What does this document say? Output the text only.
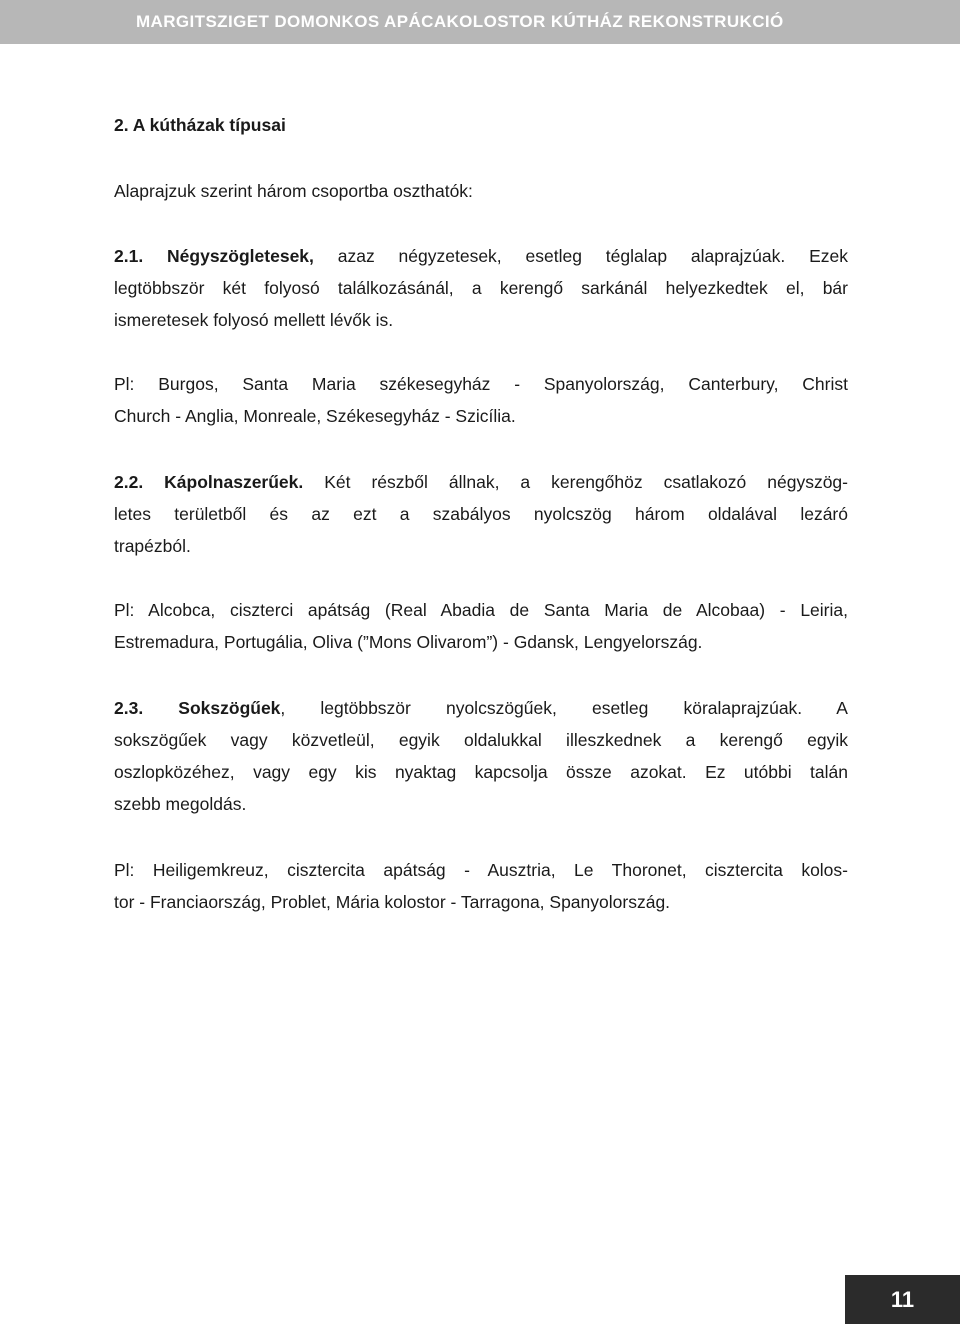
MARGITSZIGET DOMONKOS APÁCAKOLOSTOR KÚTHÁZ REKONSTRUKCIÓ
2. A kútházak típusai
Alaprajzuk szerint három csoportba oszthatók:
2.1. Négyszögletesek, azaz négyzetesek, esetleg téglalap alaprajzúak. Ezek
legtöbbször két folyosó találkozásánál, a kerengő sarkánál helyezkedtek el, bár
ismeretesek folyosó mellett lévők is.
Pl: Burgos, Santa Maria székesegyház - Spanyolország, Canterbury, Christ
Church - Anglia, Monreale, Székesegyház - Szicília.
2.2. Kápolnaszerűek. Két részből állnak, a kerengőhöz csatlakozó négyszög-
letes területből és az ezt a szabályos nyolcszög három oldalával lezáró
trapézból.
Pl: Alcobca, ciszterci apátság (Real Abadia de Santa Maria de Alcobaa) - Leiria,
Estremadura, Portugália, Oliva (”Mons Olivarom”) - Gdansk, Lengyelország.
2.3. Sokszögűek, legtöbbször nyolcszögűek, esetleg köralaprajzúak. A
sokszögűek vagy közvetleül, egyik oldalukkal illeszkednek a kerengő egyik
oszlopközéhez, vagy egy kis nyaktag kapcsolja össze azokat. Ez utóbbi talán
szebb megoldás.
Pl: Heiligemkreuz, cisztercita apátság - Ausztria, Le Thoronet, cisztercita kolos-
tor - Franciaország, Problet, Mária kolostor - Tarragona, Spanyolország.
11
